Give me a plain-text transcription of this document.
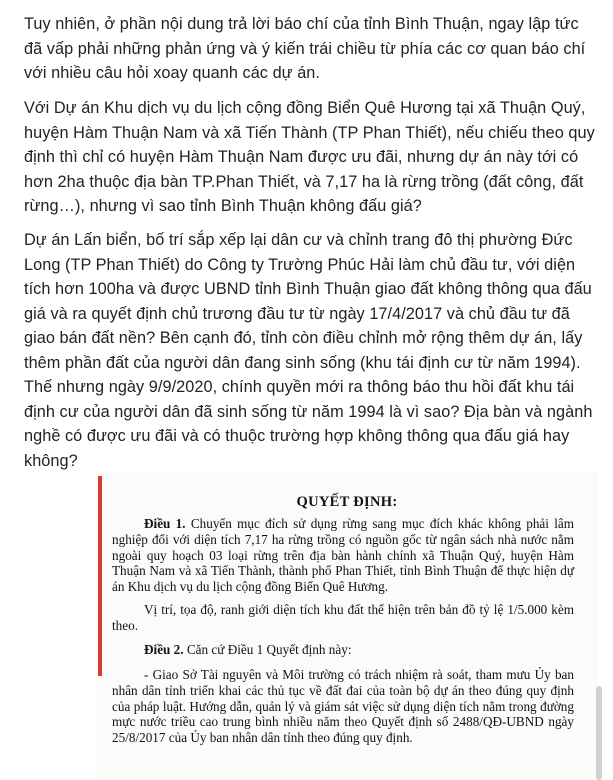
Tuy nhiên, ở phần nội dung trả lời báo chí của tỉnh Bình Thuận, ngay lập tức đã vấp phải những phản ứng và ý kiến trái chiều từ phía các cơ quan báo chí với nhiều câu hỏi xoay quanh các dự án.

Với Dự án Khu dịch vụ du lịch cộng đồng Biển Quê Hương tại xã Thuận Quý, huyện Hàm Thuận Nam và xã Tiến Thành (TP Phan Thiết), nếu chiếu theo quy định thì chỉ có huyện Hàm Thuận Nam được ưu đãi, nhưng dự án này tới có hơn 2ha thuộc địa bàn TP.Phan Thiết, và 7,17 ha là rừng trồng (đất công, đất rừng…), nhưng vì sao tỉnh Bình Thuận không đấu giá?

Dự án Lấn biển, bố trí sắp xếp lại dân cư và chỉnh trang đô thị phường Đức Long (TP Phan Thiết) do Công ty Trường Phúc Hải làm chủ đầu tư, với diện tích hơn 100ha và được UBND tỉnh Bình Thuận giao đất không thông qua đấu giá và ra quyết định chủ trương đầu tư từ ngày 17/4/2017 và chủ đầu tư đã giao bán đất nền? Bên cạnh đó, tỉnh còn điều chỉnh mở rộng thêm dự án, lấy thêm phần đất của người dân đang sinh sống (khu tái định cư từ năm 1994). Thế nhưng ngày 9/9/2020, chính quyền mới ra thông báo thu hồi đất khu tái định cư của người dân đã sinh sống từ năm 1994 là vì sao? Địa bàn và ngành nghề có được ưu đãi và có thuộc trường hợp không thông qua đấu giá hay không?

QUYẾT ĐỊNH:

Điều 1. Chuyển mục đích sử dụng rừng sang mục đích khác không phải lâm nghiệp đối với diện tích 7,17 ha rừng trồng có nguồn gốc từ ngân sách nhà nước nằm ngoài quy hoạch 03 loại rừng trên địa bàn hành chính xã Thuận Quý, huyện Hàm Thuận Nam và xã Tiến Thành, thành phố Phan Thiết, tỉnh Bình Thuận để thực hiện dự án Khu dịch vụ du lịch cộng đồng Biển Quê Hương.

Vị trí, tọa độ, ranh giới diện tích khu đất thể hiện trên bản đồ tỷ lệ 1/5.000 kèm theo.

Điều 2. Căn cứ Điều 1 Quyết định này:

- Giao Sở Tài nguyên và Môi trường có trách nhiệm rà soát, tham mưu Ủy ban nhân dân tỉnh triển khai các thủ tục về đất đai của toàn bộ dự án theo đúng quy định của pháp luật. Hướng dẫn, quản lý và giám sát việc sử dụng diện tích nằm trong đường mực nước triều cao trung bình nhiều năm theo Quyết định số 2488/QĐ-UBND ngày 25/8/2017 của Ủy ban nhân dân tỉnh theo đúng quy định.
